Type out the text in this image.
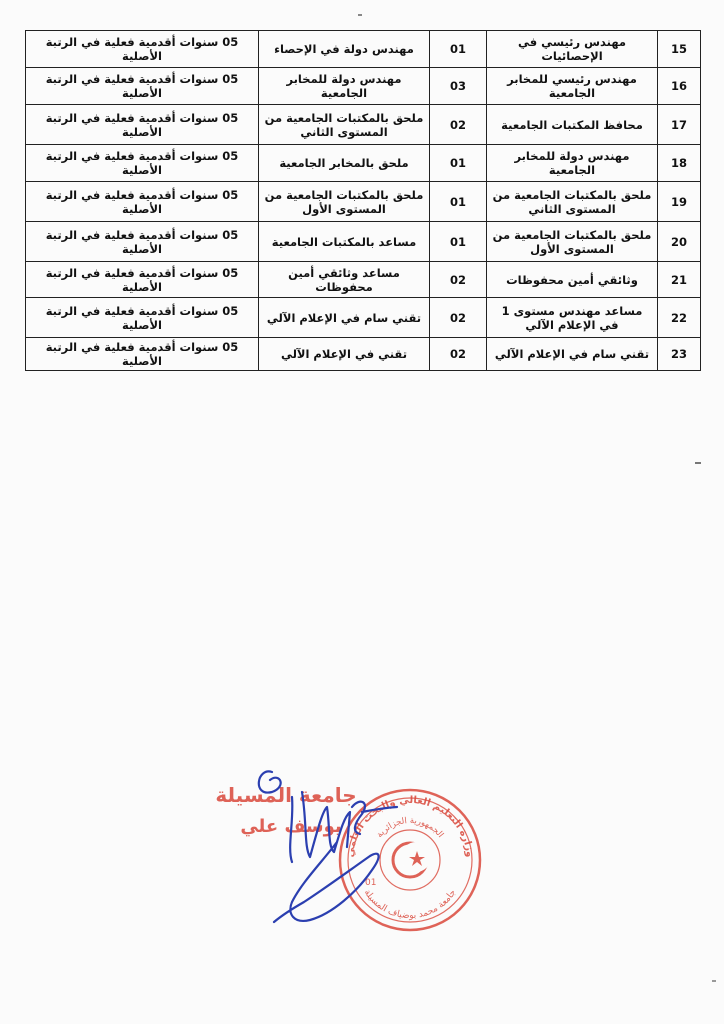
15	مهندس رئيسي في الإحصائيات	01	مهندس دولة في الإحصاء	05 سنوات أقدمية فعلية في الرتبة الأصلية
16	مهندس رئيسي للمخابر الجامعية	03	مهندس دولة للمخابر الجامعية	05 سنوات أقدمية فعلية في الرتبة الأصلية
17	محافظ المكتبات الجامعية	02	ملحق بالمكتبات الجامعية من المستوى الثاني	05 سنوات أقدمية فعلية في الرتبة الأصلية
18	مهندس دولة للمخابر الجامعية	01	ملحق بالمخابر الجامعية	05 سنوات أقدمية فعلية في الرتبة الأصلية
19	ملحق بالمكتبات الجامعية من المستوى الثاني	01	ملحق بالمكتبات الجامعية من المستوى الأول	05 سنوات أقدمية فعلية في الرتبة الأصلية
20	ملحق بالمكتبات الجامعية من المستوى الأول	01	مساعد بالمكتبات الجامعية	05 سنوات أقدمية فعلية في الرتبة الأصلية
21	وثائقي أمين محفوظات	02	مساعد وثائقي أمين محفوظات	05 سنوات أقدمية فعلية في الرتبة الأصلية
22	مساعد مهندس مستوى 1 في الإعلام الآلي	02	تقني سام في الإعلام الآلي	05 سنوات أقدمية فعلية في الرتبة الأصلية
23	تقني سام في الإعلام الآلي	02	تقني في الإعلام الآلي	05 سنوات أقدمية فعلية في الرتبة الأصلية
جامعة المسيلة
يوسف علي
وزارة التعليم العالي والبحث العلمي
الجمهورية الجزائرية
جامعة محمد بوضياف المسيلة
01
